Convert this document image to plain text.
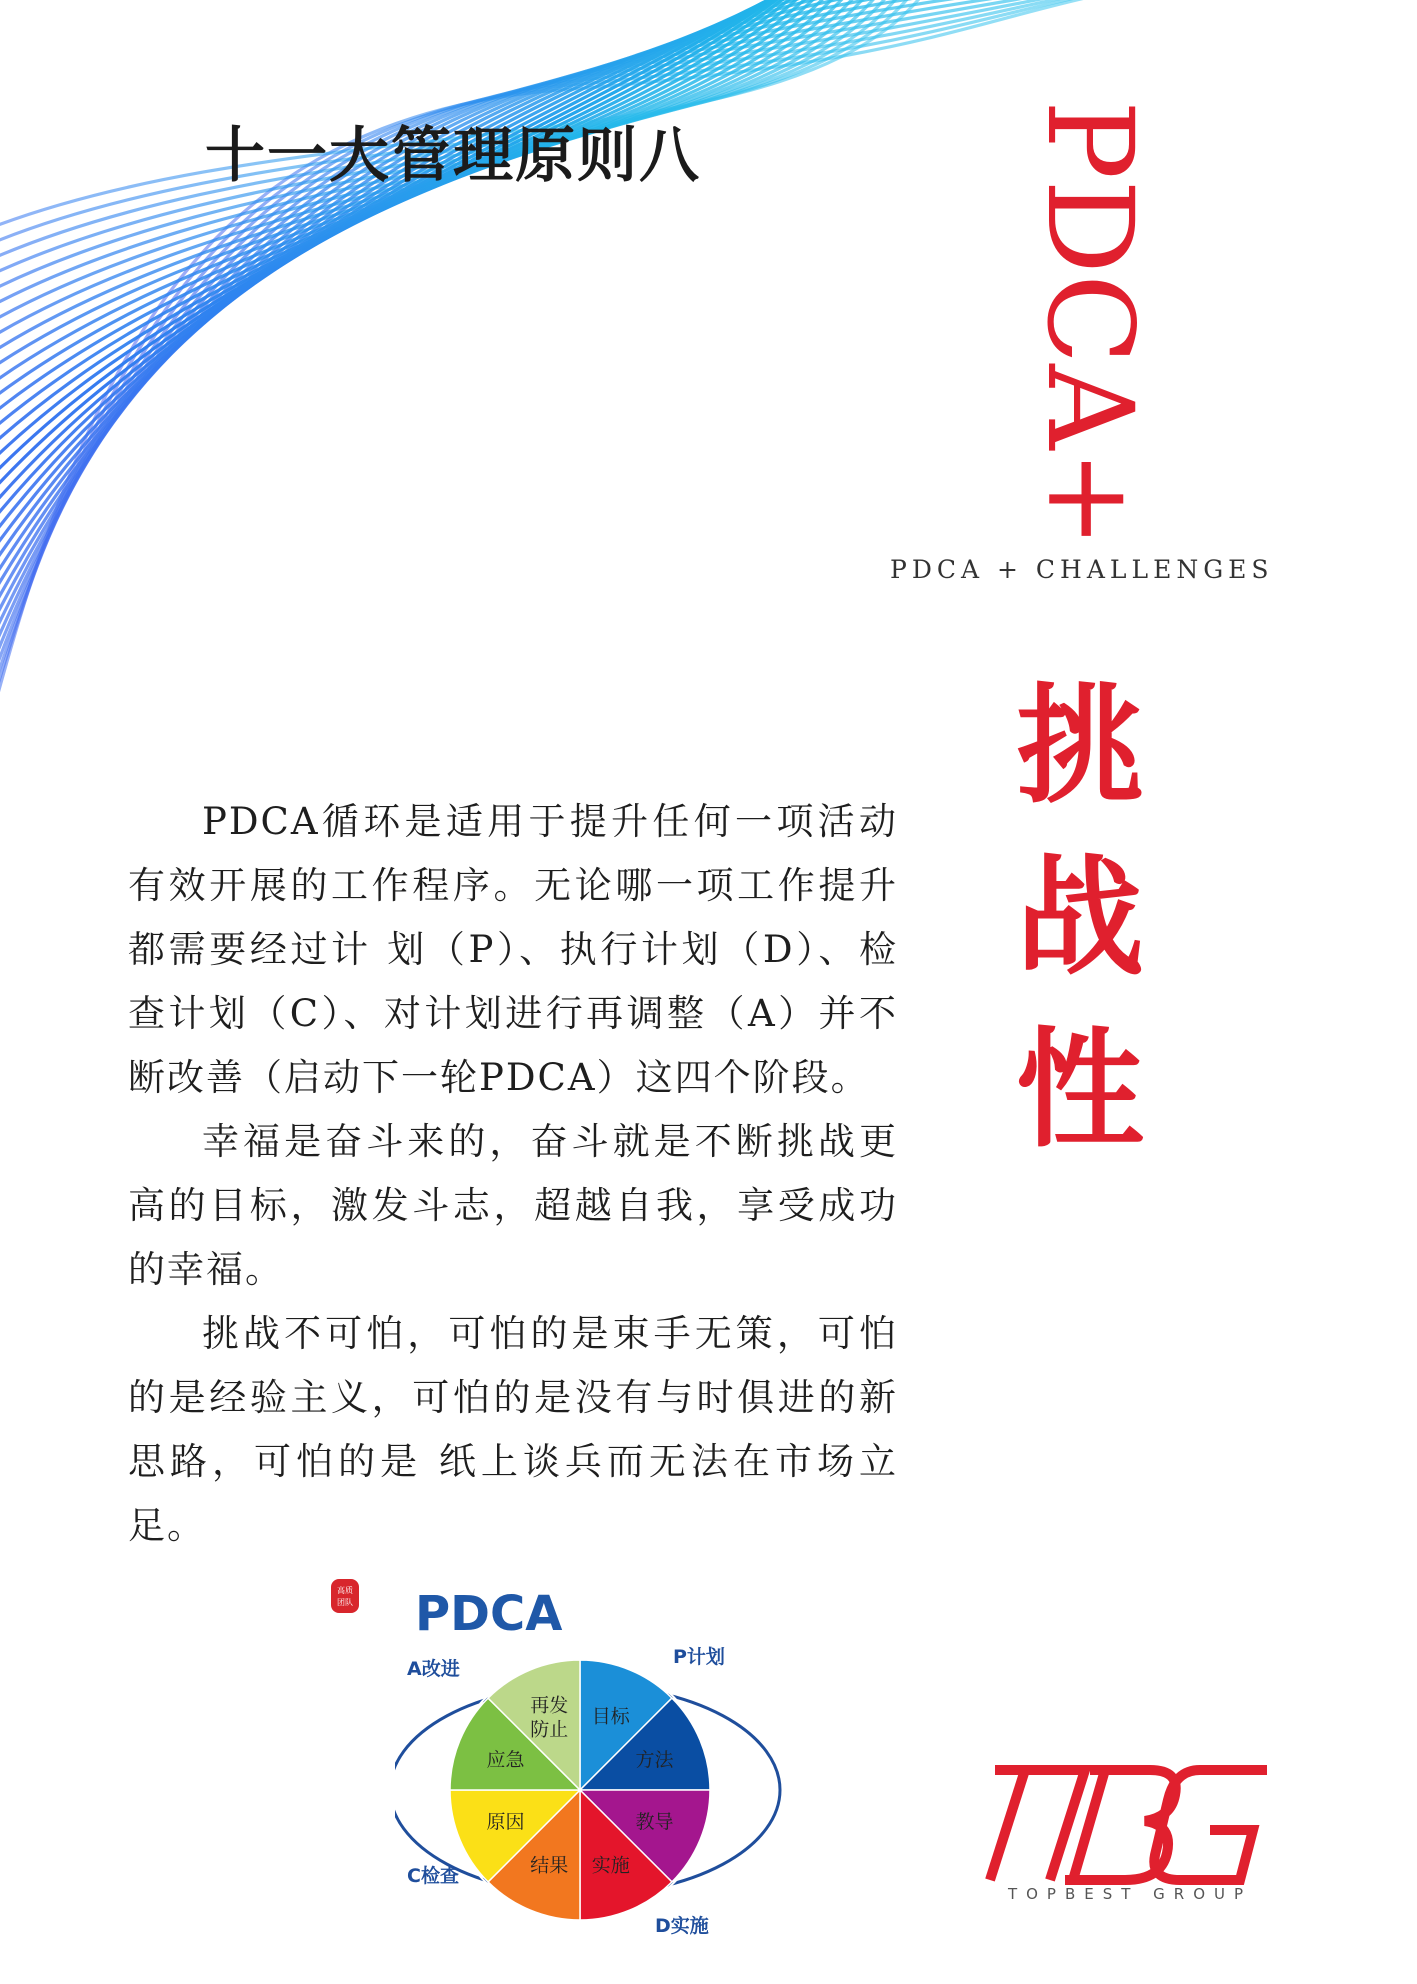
十一大管理原则八	PDCA+
PDCA + CHALLENGES
挑
战
性

PDCA循环是适用于提升任何一项活动有效开展的工作程序。无论哪一项工作提升 都需要经过计 划（P）、执行计划（D）、检查计划（C）、对计划进行再调整（A）并不断改善（启动下一轮PDCA）这四个阶段。

幸福是奋斗来的，奋斗就是不断挑战更高的目标，激发斗志，超越自我，享受成功的幸福。

挑战不可怕，可怕的是束手无策，可怕的是经验主义，可怕的是没有与时俱进的新思路，可怕的是 纸上谈兵而无法在市场立足。

高质
团队 PDCA
目标
方法
教导
实施
结果
原因
应急
再发防止
A改进
P计划
C检查
D实施
TOPBEST GROUP
